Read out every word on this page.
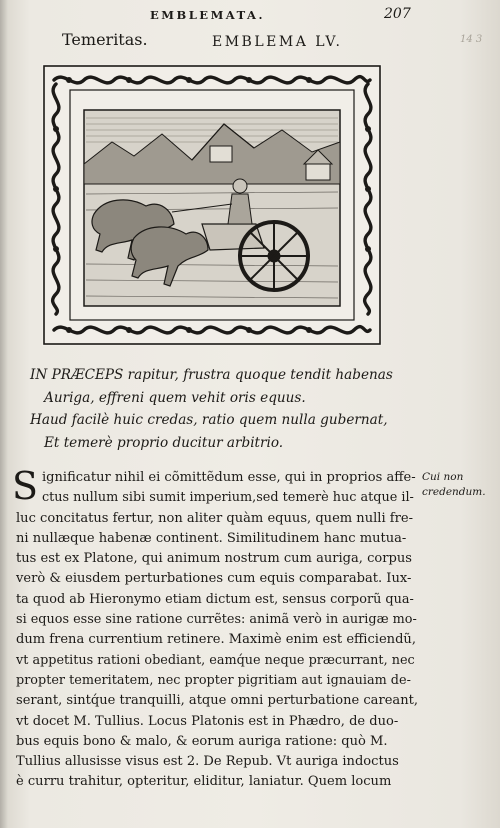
EMBLEMATA.	207
14 3
Temeritas.	EMBLEMA LV.
IN PRÆCEPS rapitur, frustra quoque tendit habenas
Auriga, effreni quem vehit oris equus.
Haud facilè huic credas, ratio quem nulla gubernat,
Et temerè proprio ducitur arbitrio.
S ignificatur nihil ei cõmittẽdum esse, qui in proprios affe-
ctus nullum sibi sumit imperium,sed temerè huc atque il-
luc concitatus fertur, non aliter quàm equus, quem nulli fre-
ni nullæque habenæ continent. Similitudinem hanc mutua-
tus est ex Platone, qui animum nostrum cum auriga, corpus
verò & eiusdem perturbationes cum equis comparabat. Iux-
ta quod ab Hieronymo etiam dictum est, sensus corporũ qua-
si equos esse sine ratione currẽtes: animã verò in aurigæ mo-
dum frena currentium retinere. Maximè enim est efficiendũ,
vt appetitus rationi obediant, eamq́ue neque præcurrant, nec
propter temeritatem, nec propter pigritiam aut ignauiam de-
serant, sintq́ue tranquilli, atque omni perturbatione careant,
vt docet M. Tullius. Locus Platonis est in Phædro, de duo-
bus equis bono & malo, & eorum auriga ratione: quò M.
Tullius allusisse visus est 2. De Repub. Vt auriga indoctus
è curru trahitur, opteritur, eliditur, laniatur. Quem locum
Cui non credendum.
